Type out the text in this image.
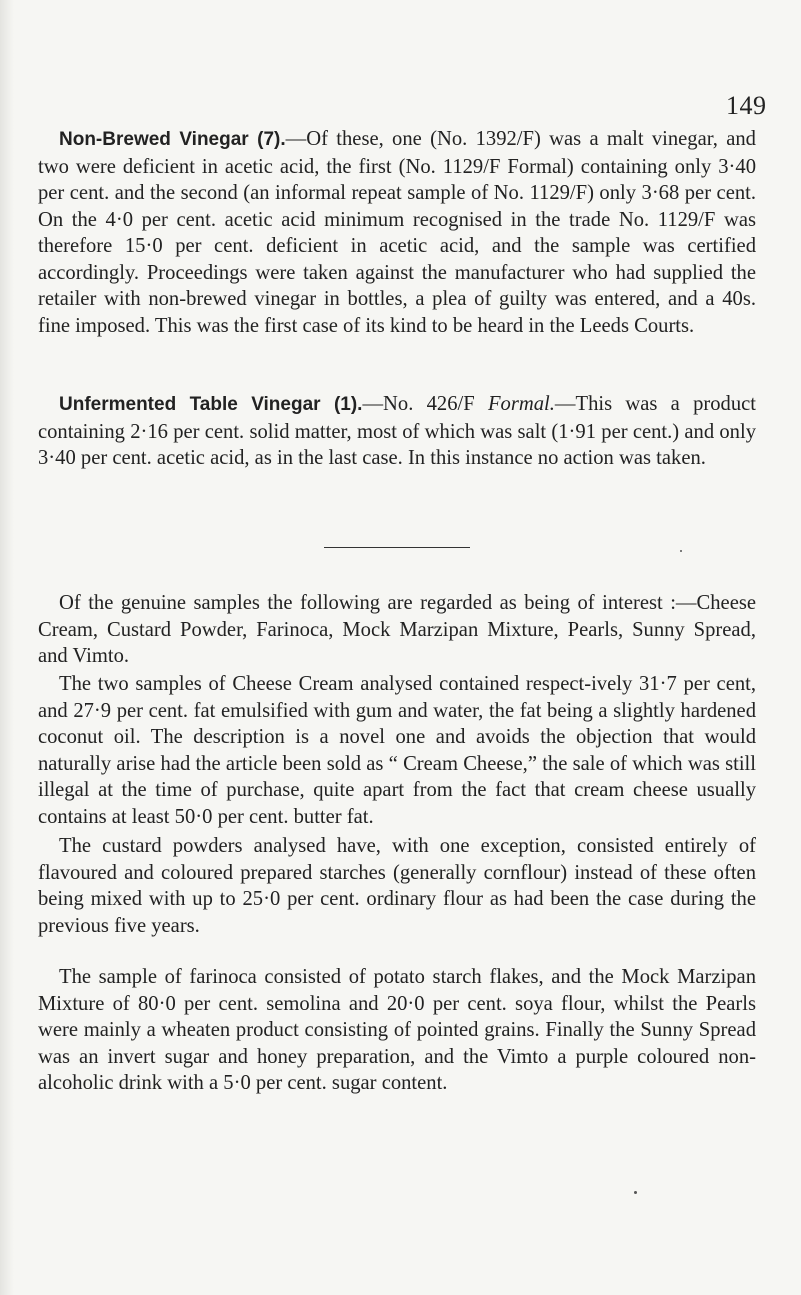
149

Non-Brewed Vinegar (7).—Of these, one (No. 1392/F) was a malt vinegar, and two were deficient in acetic acid, the first (No. 1129/F Formal) containing only 3·40 per cent. and the second (an informal repeat sample of No. 1129/F) only 3·68 per cent. On the 4·0 per cent. acetic acid minimum recognised in the trade No. 1129/F was therefore 15·0 per cent. deficient in acetic acid, and the sample was certified accordingly. Proceedings were taken against the manufacturer who had supplied the retailer with non-brewed vinegar in bottles, a plea of guilty was entered, and a 40s. fine imposed. This was the first case of its kind to be heard in the Leeds Courts.

Unfermented Table Vinegar (1).—No. 426/F Formal.—This was a product containing 2·16 per cent. solid matter, most of which was salt (1·91 per cent.) and only 3·40 per cent. acetic acid, as in the last case. In this instance no action was taken.

Of the genuine samples the following are regarded as being of interest :—Cheese Cream, Custard Powder, Farinoca, Mock Marzipan Mixture, Pearls, Sunny Spread, and Vimto.

The two samples of Cheese Cream analysed contained respect-ively 31·7 per cent, and 27·9 per cent. fat emulsified with gum and water, the fat being a slightly hardened coconut oil. The description is a novel one and avoids the objection that would naturally arise had the article been sold as “ Cream Cheese,” the sale of which was still illegal at the time of purchase, quite apart from the fact that cream cheese usually contains at least 50·0 per cent. butter fat.

The custard powders analysed have, with one exception, consisted entirely of flavoured and coloured prepared starches (generally cornflour) instead of these often being mixed with up to 25·0 per cent. ordinary flour as had been the case during the previous five years.

The sample of farinoca consisted of potato starch flakes, and the Mock Marzipan Mixture of 80·0 per cent. semolina and 20·0 per cent. soya flour, whilst the Pearls were mainly a wheaten product consisting of pointed grains. Finally the Sunny Spread was an invert sugar and honey preparation, and the Vimto a purple coloured non-alcoholic drink with a 5·0 per cent. sugar content.
